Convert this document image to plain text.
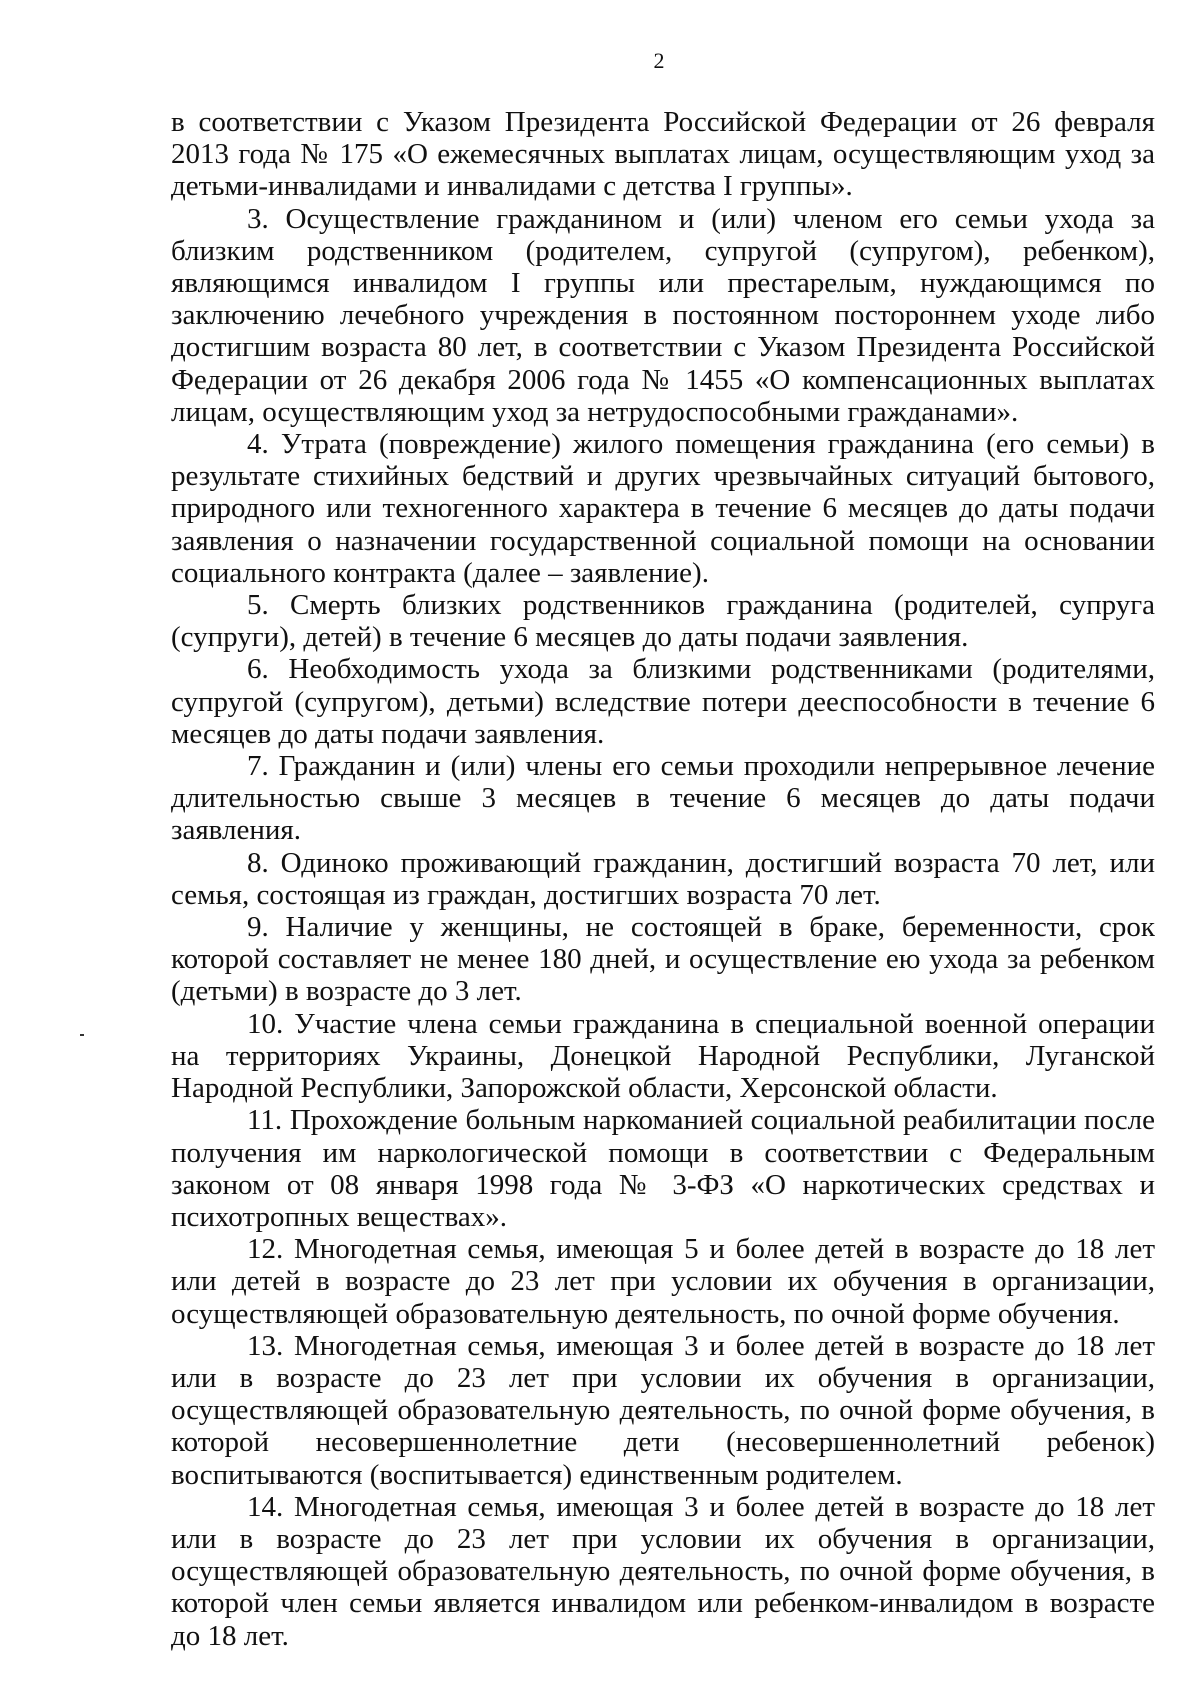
2

в соответствии с Указом Президента Российской Федерации от 26 февраля 2013 года № 175 «О ежемесячных выплатах лицам, осуществляющим уход за детьми-инвалидами и инвалидами с детства I группы».

3. Осуществление гражданином и (или) членом его семьи ухода за близким родственником (родителем, супругой (супругом), ребенком), являющимся инвалидом I группы или престарелым, нуждающимся по заключению лечебного учреждения в постоянном постороннем уходе либо достигшим возраста 80 лет, в соответствии с Указом Президента Российской Федерации от 26 декабря 2006 года № 1455 «О компенсационных выплатах лицам, осуществляющим уход за нетрудоспособными гражданами».

4. Утрата (повреждение) жилого помещения гражданина (его семьи) в результате стихийных бедствий и других чрезвычайных ситуаций бытового, природного или техногенного характера в течение 6 месяцев до даты подачи заявления о назначении государственной социальной помощи на основании социального контракта (далее – заявление).

5. Смерть близких родственников гражданина (родителей, супруга (супруги), детей) в течение 6 месяцев до даты подачи заявления.

6. Необходимость ухода за близкими родственниками (родителями, супругой (супругом), детьми) вследствие потери дееспособности в течение 6 месяцев до даты подачи заявления.

7. Гражданин и (или) члены его семьи проходили непрерывное лечение длительностью свыше 3 месяцев в течение 6 месяцев до даты подачи заявления.

8. Одиноко проживающий гражданин, достигший возраста 70 лет, или семья, состоящая из граждан, достигших возраста 70 лет.

9. Наличие у женщины, не состоящей в браке, беременности, срок которой составляет не менее 180 дней, и осуществление ею ухода за ребенком (детьми) в возрасте до 3 лет.

10. Участие члена семьи гражданина в специальной военной операции на территориях Украины, Донецкой Народной Республики, Луганской Народной Республики, Запорожской области, Херсонской области.

11. Прохождение больным наркоманией социальной реабилитации после получения им наркологической помощи в соответствии с Федеральным законом от 08 января 1998 года № 3-ФЗ «О наркотических средствах и психотропных веществах».

12. Многодетная семья, имеющая 5 и более детей в возрасте до 18 лет или детей в возрасте до 23 лет при условии их обучения в организации, осуществляющей образовательную деятельность, по очной форме обучения.

13. Многодетная семья, имеющая 3 и более детей в возрасте до 18 лет или в возрасте до 23 лет при условии их обучения в организации, осуществляющей образовательную деятельность, по очной форме обучения, в которой несовершеннолетние дети (несовершеннолетний ребенок) воспитываются (воспитывается) единственным родителем.

14. Многодетная семья, имеющая 3 и более детей в возрасте до 18 лет или в возрасте до 23 лет при условии их обучения в организации, осуществляющей образовательную деятельность, по очной форме обучения, в которой член семьи является инвалидом или ребенком-инвалидом в возрасте до 18 лет.
